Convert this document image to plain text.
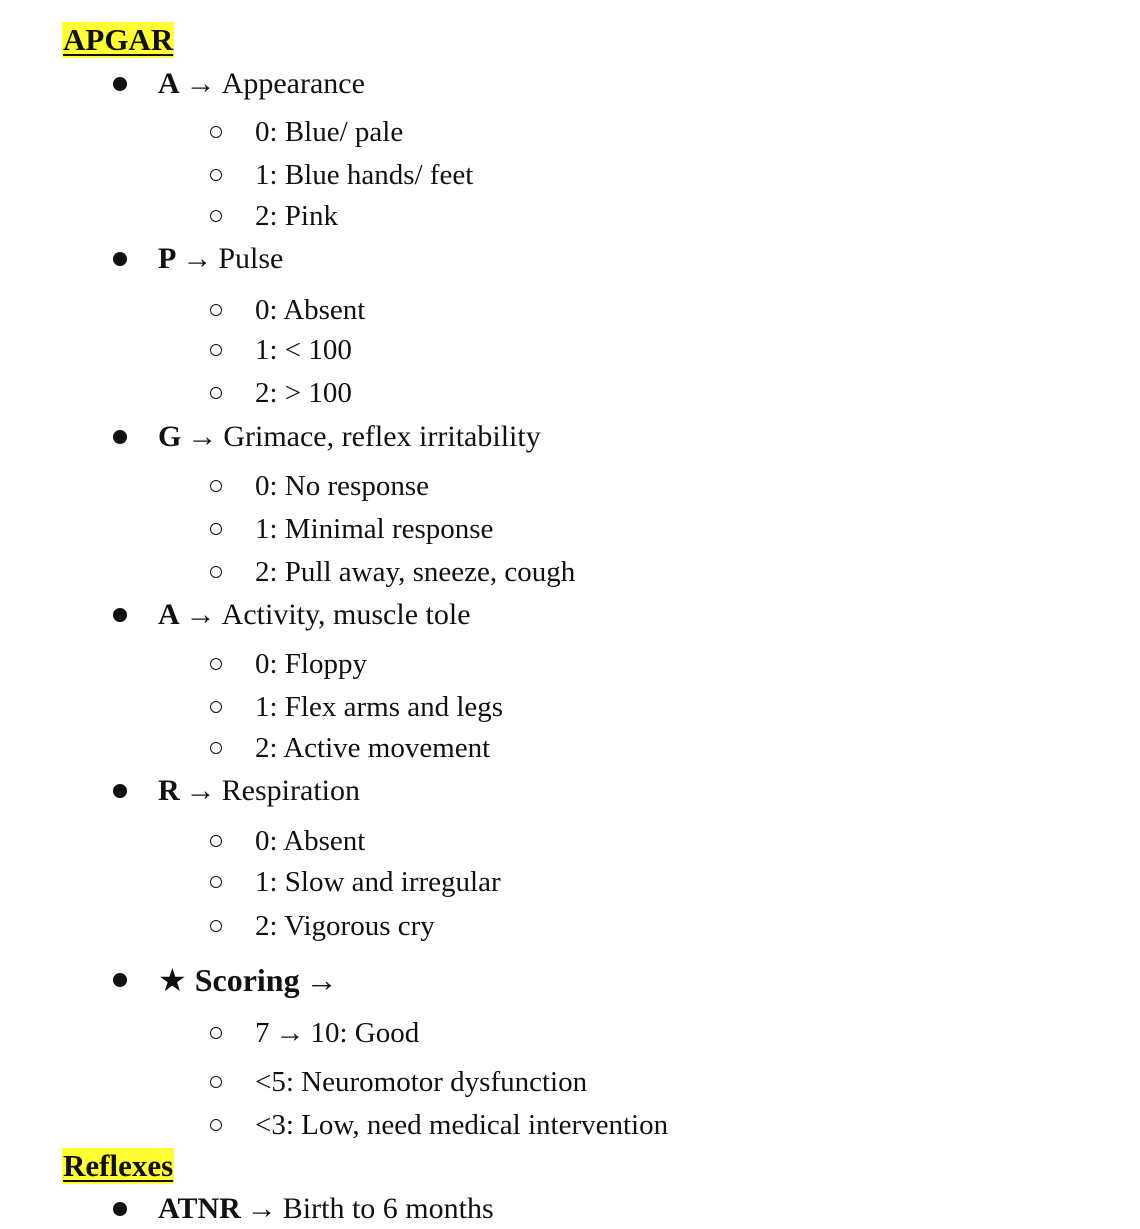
APGAR
A → Appearance
0: Blue/ pale
1: Blue hands/ feet
2: Pink
P → Pulse
0: Absent
1: < 100
2: > 100
G → Grimace, reflex irritability
0: No response
1: Minimal response
2: Pull away, sneeze, cough
A → Activity, muscle tole
0: Floppy
1: Flex arms and legs
2: Active movement
R → Respiration
0: Absent
1: Slow and irregular
2: Vigorous cry
★ Scoring →
7 → 10: Good
<5: Neuromotor dysfunction
<3: Low, need medical intervention
Reflexes
ATNR → Birth to 6 months
